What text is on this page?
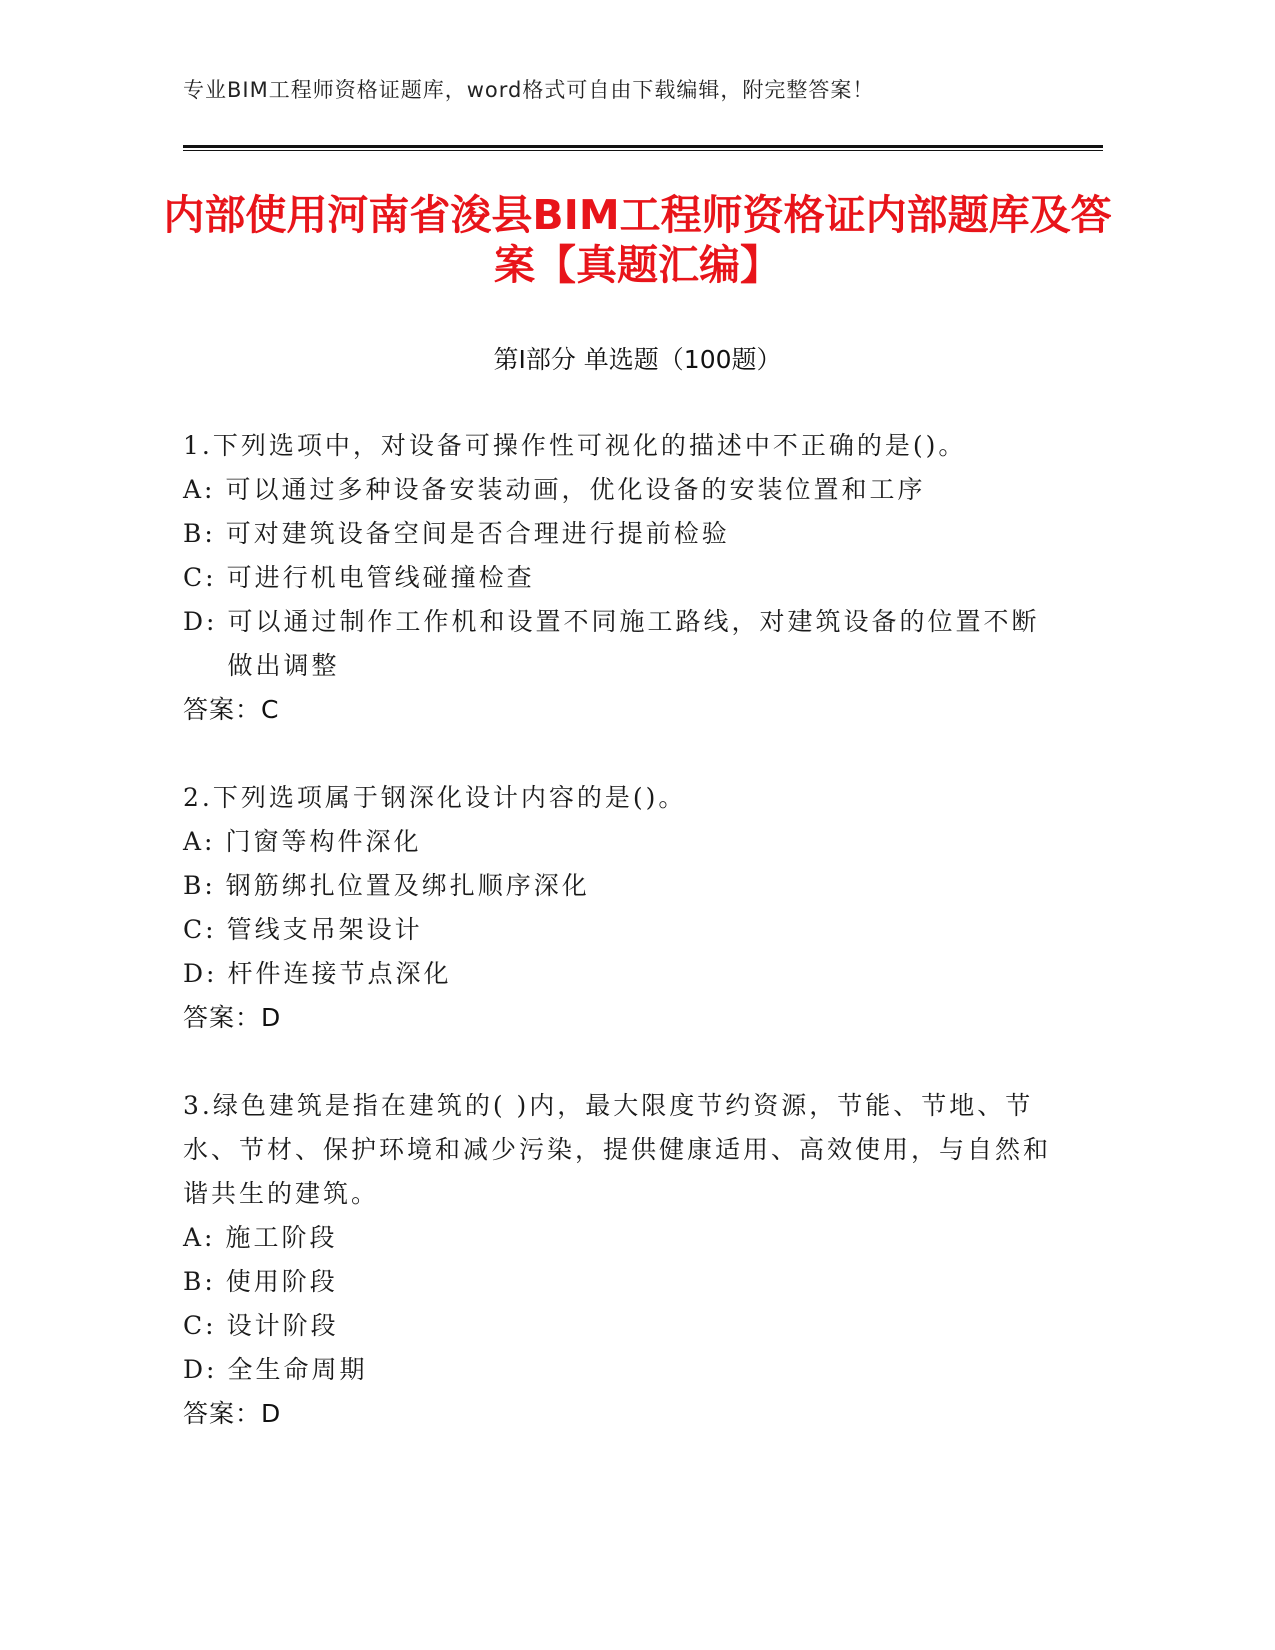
专业BIM工程师资格证题库，word格式可自由下载编辑，附完整答案！
内部使用河南省浚县BIM工程师资格证内部题库及答案【真题汇编】
第Ⅰ部分 单选题（100题）
1.下列选项中，对设备可操作性可视化的描述中不正确的是()。
A: 可以通过多种设备安装动画，优化设备的安装位置和工序
B: 可对建筑设备空间是否合理进行提前检验
C: 可进行机电管线碰撞检查
D: 可以通过制作工作机和设置不同施工路线，对建筑设备的位置不断做出调整
答案：C
2.下列选项属于钢深化设计内容的是()。
A: 门窗等构件深化
B: 钢筋绑扎位置及绑扎顺序深化
C: 管线支吊架设计
D: 杆件连接节点深化
答案：D
3.绿色建筑是指在建筑的( )内，最大限度节约资源，节能、节地、节水、节材、保护环境和减少污染，提供健康适用、高效使用，与自然和谐共生的建筑。
A: 施工阶段
B: 使用阶段
C: 设计阶段
D: 全生命周期
答案：D
